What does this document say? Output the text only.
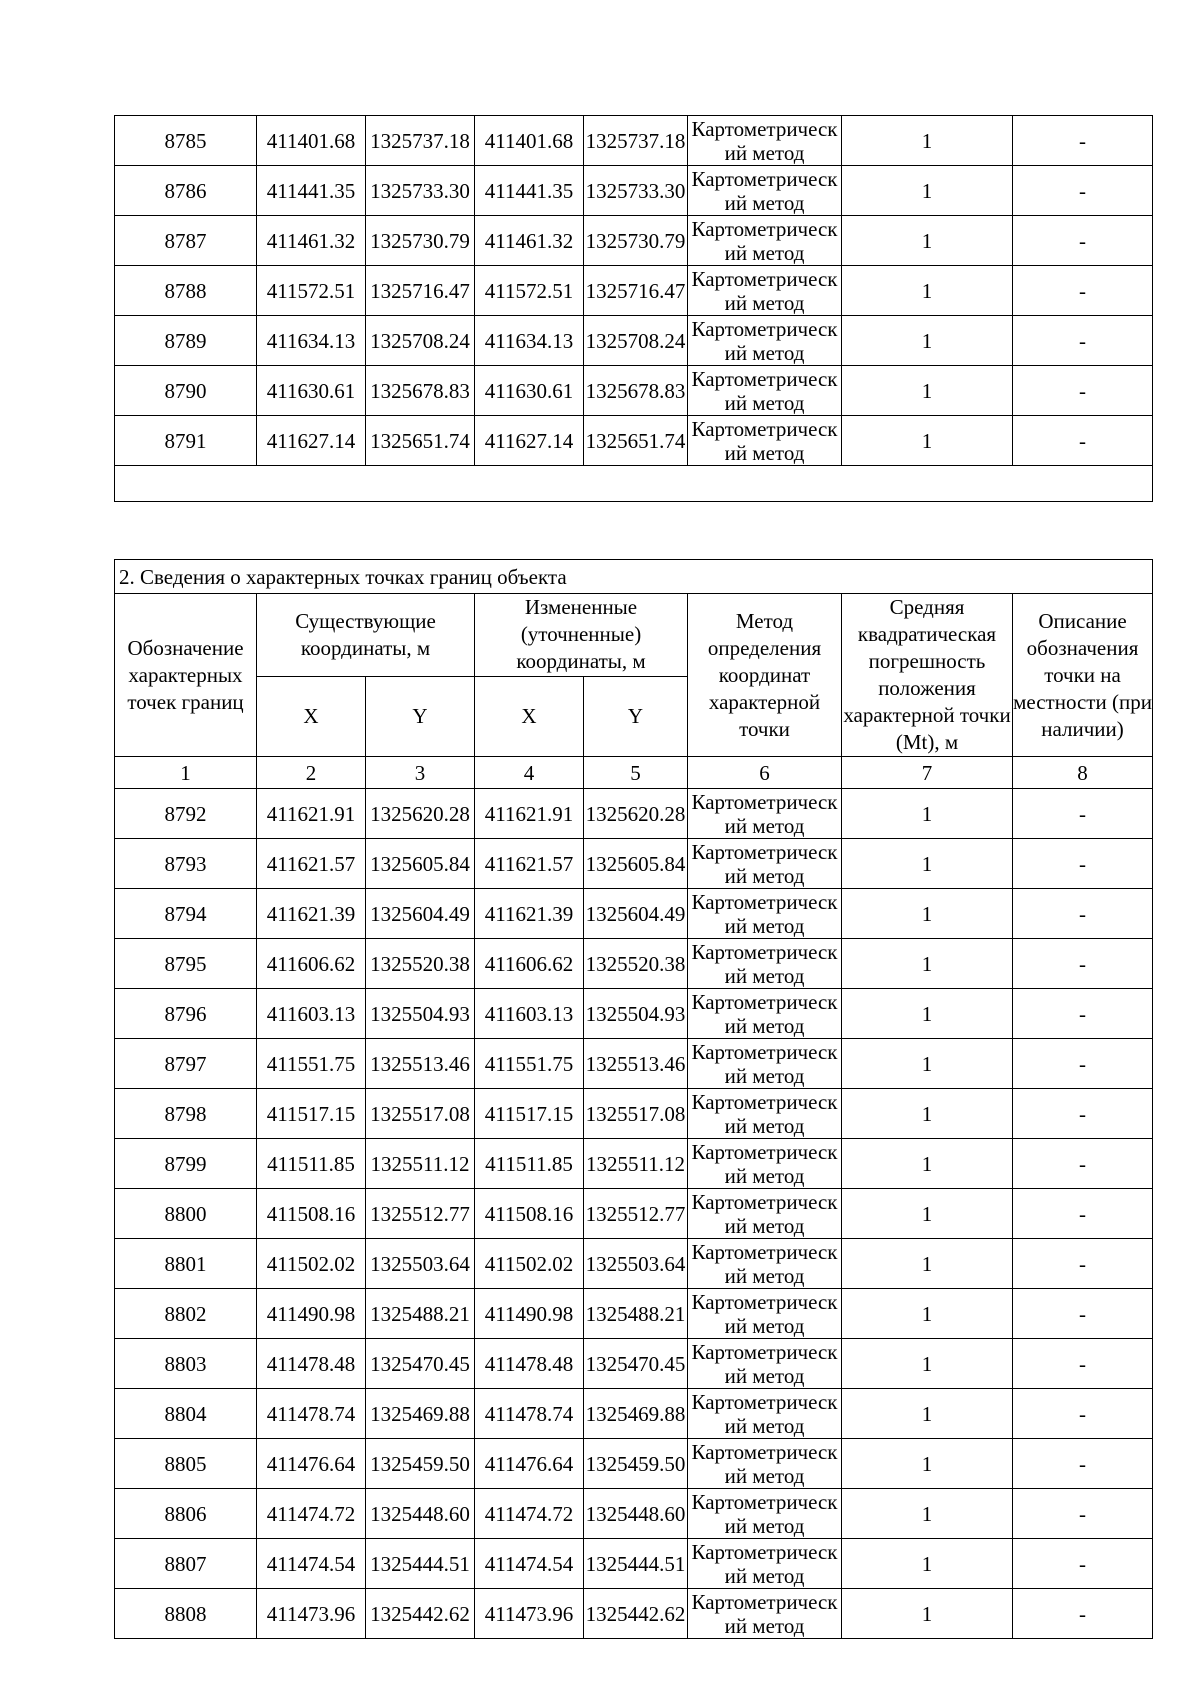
8785	411401.68	1325737.18	411401.68	1325737.18	Картометрический метод	1	-
8786	411441.35	1325733.30	411441.35	1325733.30	Картометрический метод	1	-
8787	411461.32	1325730.79	411461.32	1325730.79	Картометрический метод	1	-
8788	411572.51	1325716.47	411572.51	1325716.47	Картометрический метод	1	-
8789	411634.13	1325708.24	411634.13	1325708.24	Картометрический метод	1	-
8790	411630.61	1325678.83	411630.61	1325678.83	Картометрический метод	1	-
8791	411627.14	1325651.74	411627.14	1325651.74	Картометрический метод	1	-

2. Сведения о характерных точках границ объекта							
Обозначение характерных точек границ	Существующие координаты, м		Измененные (уточненные) координаты, м		Метод определения координат характерной точки	Средняя квадратическая погрешность положения характерной точки (Mt), м	Описание обозначения точки на местности (при наличии)
	X	Y	X	Y			
1	2	3	4	5	6	7	8
8792	411621.91	1325620.28	411621.91	1325620.28	Картометрический метод	1	-
8793	411621.57	1325605.84	411621.57	1325605.84	Картометрический метод	1	-
8794	411621.39	1325604.49	411621.39	1325604.49	Картометрический метод	1	-
8795	411606.62	1325520.38	411606.62	1325520.38	Картометрический метод	1	-
8796	411603.13	1325504.93	411603.13	1325504.93	Картометрический метод	1	-
8797	411551.75	1325513.46	411551.75	1325513.46	Картометрический метод	1	-
8798	411517.15	1325517.08	411517.15	1325517.08	Картометрический метод	1	-
8799	411511.85	1325511.12	411511.85	1325511.12	Картометрический метод	1	-
8800	411508.16	1325512.77	411508.16	1325512.77	Картометрический метод	1	-
8801	411502.02	1325503.64	411502.02	1325503.64	Картометрический метод	1	-
8802	411490.98	1325488.21	411490.98	1325488.21	Картометрический метод	1	-
8803	411478.48	1325470.45	411478.48	1325470.45	Картометрический метод	1	-
8804	411478.74	1325469.88	411478.74	1325469.88	Картометрический метод	1	-
8805	411476.64	1325459.50	411476.64	1325459.50	Картометрический метод	1	-
8806	411474.72	1325448.60	411474.72	1325448.60	Картометрический метод	1	-
8807	411474.54	1325444.51	411474.54	1325444.51	Картометрический метод	1	-
8808	411473.96	1325442.62	411473.96	1325442.62	Картометрический метод	1	-
